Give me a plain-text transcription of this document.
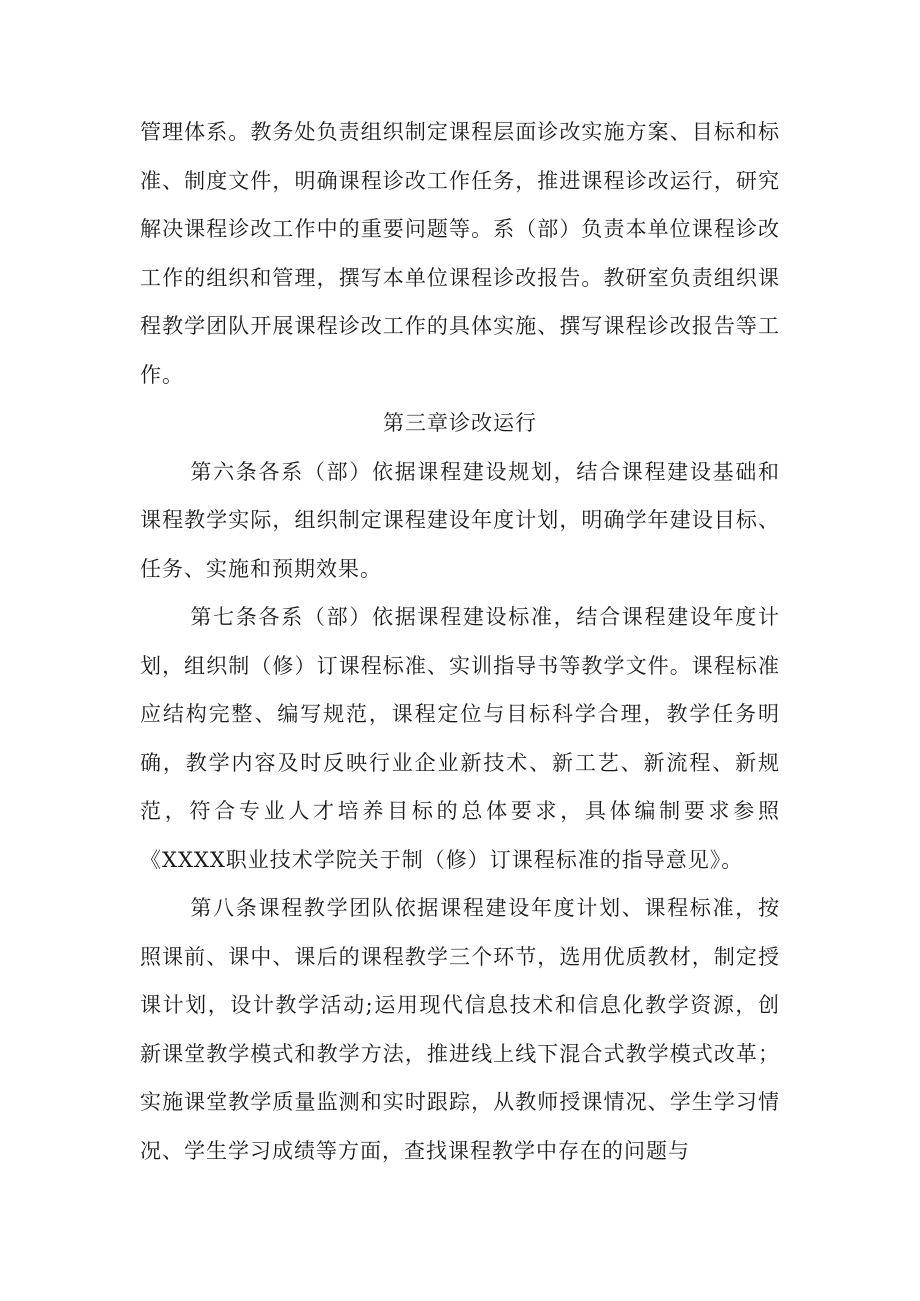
管理体系。教务处负责组织制定课程层面诊改实施方案、目标和标准、制度文件，明确课程诊改工作任务，推进课程诊改运行，研究解决课程诊改工作中的重要问题等。系（部）负责本单位课程诊改工作的组织和管理，撰写本单位课程诊改报告。教研室负责组织课程教学团队开展课程诊改工作的具体实施、撰写课程诊改报告等工作。

第三章诊改运行

第六条各系（部）依据课程建设规划，结合课程建设基础和课程教学实际，组织制定课程建设年度计划，明确学年建设目标、任务、实施和预期效果。

第七条各系（部）依据课程建设标准，结合课程建设年度计划，组织制（修）订课程标准、实训指导书等教学文件。课程标准应结构完整、编写规范，课程定位与目标科学合理，教学任务明确，教学内容及时反映行业企业新技术、新工艺、新流程、新规范，符合专业人才培养目标的总体要求，具体编制要求参照《XXXX职业技术学院关于制（修）订课程标准的指导意见》。

第八条课程教学团队依据课程建设年度计划、课程标准，按照课前、课中、课后的课程教学三个环节，选用优质教材，制定授课计划，设计教学活动;运用现代信息技术和信息化教学资源，创新课堂教学模式和教学方法，推进线上线下混合式教学模式改革；实施课堂教学质量监测和实时跟踪，从教师授课情况、学生学习情况、学生学习成绩等方面，查找课程教学中存在的问题与
